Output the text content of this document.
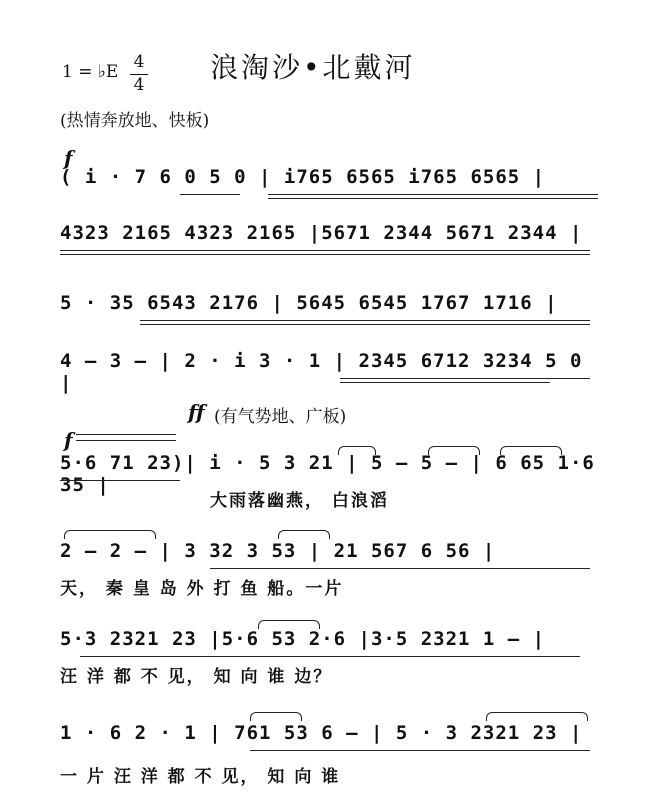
浪淘沙•北戴河
1 = ♭E 4
4
(热情奔放地、快板)
f
( i · 7 6 0 5 0 | i765 6565 i765 6565 |
4323 2165 4323 2165 |5671 2344 5671 2344 |
5 · 35 6543 2176 | 5645 6545 1767 1716 |
4 – 3 – | 2 · i 3 · 1 | 2345 6712 3234 5 0 |
ff (有气势地、广板)
f
5·6 71 23)| i · 5 3 21 | 5 – 5 – | 6 65 1·6 35 |
大雨落幽燕， 白浪滔
2 – 2 – | 3 32 3 53 | 21 567 6 56 |
天， 秦 皇 岛 外 打 鱼 船。一片
5·3 2321 23 |5·6 53 2·6 |3·5 2321 1 – |
汪 洋 都 不 见， 知 向 谁 边？
1 · 6 2 · 1 | 761 53 6 – | 5 · 3 2321 23 |
一 片 汪 洋 都 不 见， 知 向 谁
